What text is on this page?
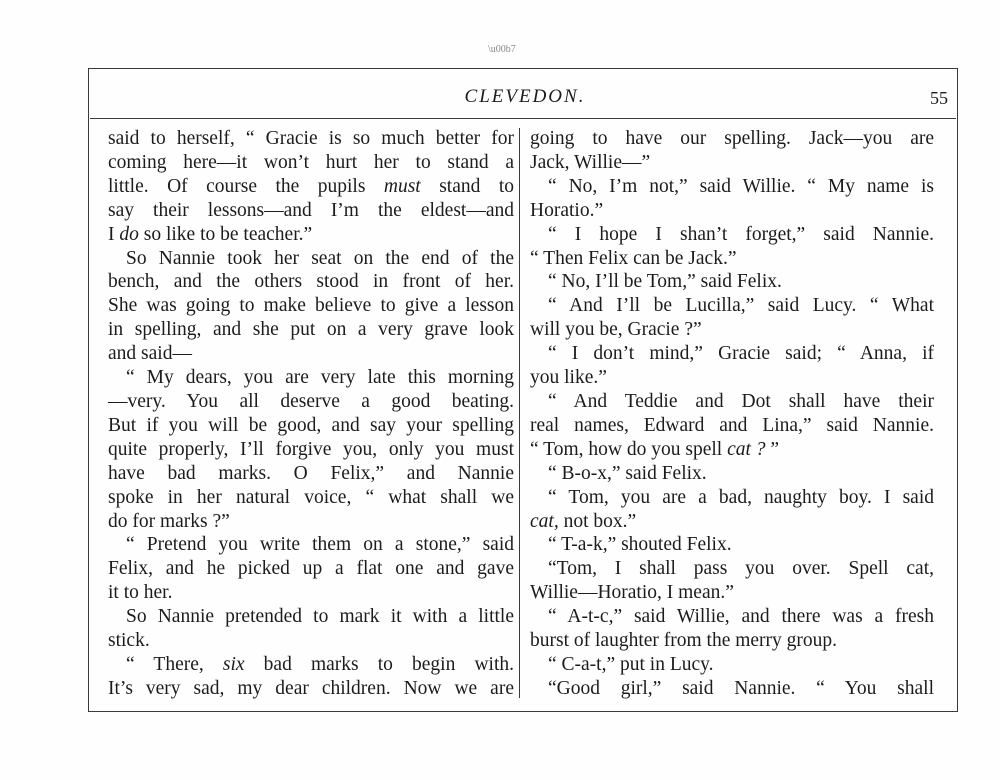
\u00b7
CLEVEDON.	55

said to herself, “ Gracie is so much better for

coming here—it won’t hurt her to stand a

little. Of course the pupils must stand to

say their lessons—and I’m the eldest—and

I do so like to be teacher.”

So Nannie took her seat on the end of the

bench, and the others stood in front of her.

She was going to make believe to give a lesson

in spelling, and she put on a very grave look

and said—

“ My dears, you are very late this morning

—very. You all deserve a good beating.

But if you will be good, and say your spelling

quite properly, I’ll forgive you, only you must

have bad marks. O Felix,” and Nannie

spoke in her natural voice, “ what shall we

do for marks ?”

“ Pretend you write them on a stone,” said

Felix, and he picked up a flat one and gave

it to her.

So Nannie pretended to mark it with a little

stick.

“ There, six bad marks to begin with.

It’s very sad, my dear children. Now we are

going to have our spelling. Jack—you are

Jack, Willie—”

“ No, I’m not,” said Willie. “ My name is

Horatio.”

“ I hope I shan’t forget,” said Nannie.

“ Then Felix can be Jack.”

“ No, I’ll be Tom,” said Felix.

“ And I’ll be Lucilla,” said Lucy. “ What

will you be, Gracie ?”

“ I don’t mind,” Gracie said; “ Anna, if

you like.”

“ And Teddie and Dot shall have their

real names, Edward and Lina,” said Nannie.

“ Tom, how do you spell cat ? ”

“ B-o-x,” said Felix.

“ Tom, you are a bad, naughty boy. I said

cat, not box.”

“ T-a-k,” shouted Felix.

“Tom, I shall pass you over. Spell cat,

Willie—Horatio, I mean.”

“ A-t-c,” said Willie, and there was a fresh

burst of laughter from the merry group.

“ C-a-t,” put in Lucy.

“Good girl,” said Nannie. “ You shall
